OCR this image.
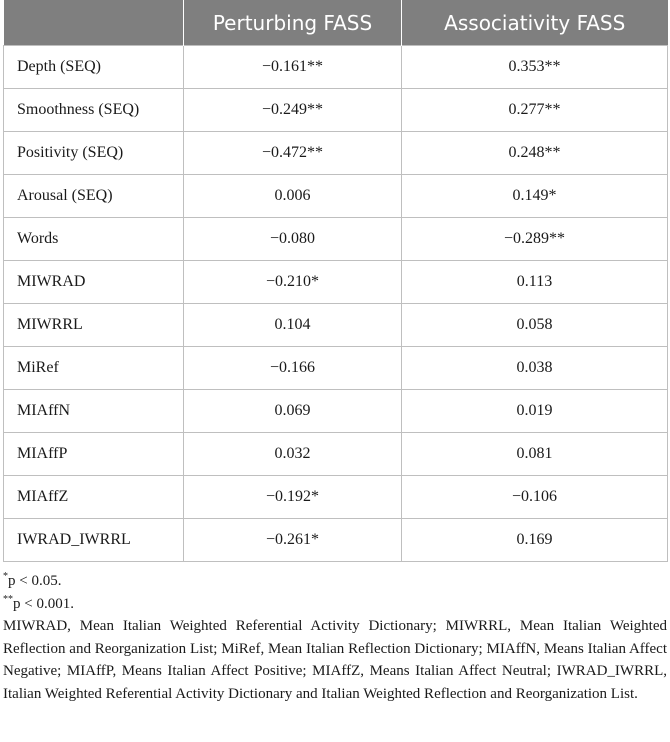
	Perturbing FASS	Associativity FASS
Depth (SEQ)	−0.161**	0.353**
Smoothness (SEQ)	−0.249**	0.277**
Positivity (SEQ)	−0.472**	0.248**
Arousal (SEQ)	0.006	0.149*
Words	−0.080	−0.289**
MIWRAD	−0.210*	0.113
MIWRRL	0.104	0.058
MiRef	−0.166	0.038
MIAffN	0.069	0.019
MIAffP	0.032	0.081
MIAffZ	−0.192*	−0.106
IWRAD_IWRRL	−0.261*	0.169
*p < 0.05.
**p < 0.001.
MIWRAD, Mean Italian Weighted Referential Activity Dictionary; MIWRRL, Mean Italian Weighted Reflection and Reorganization List; MiRef, Mean Italian Reflection Dictionary; MIAffN, Means Italian Affect Negative; MIAffP, Means Italian Affect Positive; MIAffZ, Means Italian Affect Neutral; IWRAD_IWRRL, Italian Weighted Referential Activity Dictionary and Italian Weighted Reflection and Reorganization List.
